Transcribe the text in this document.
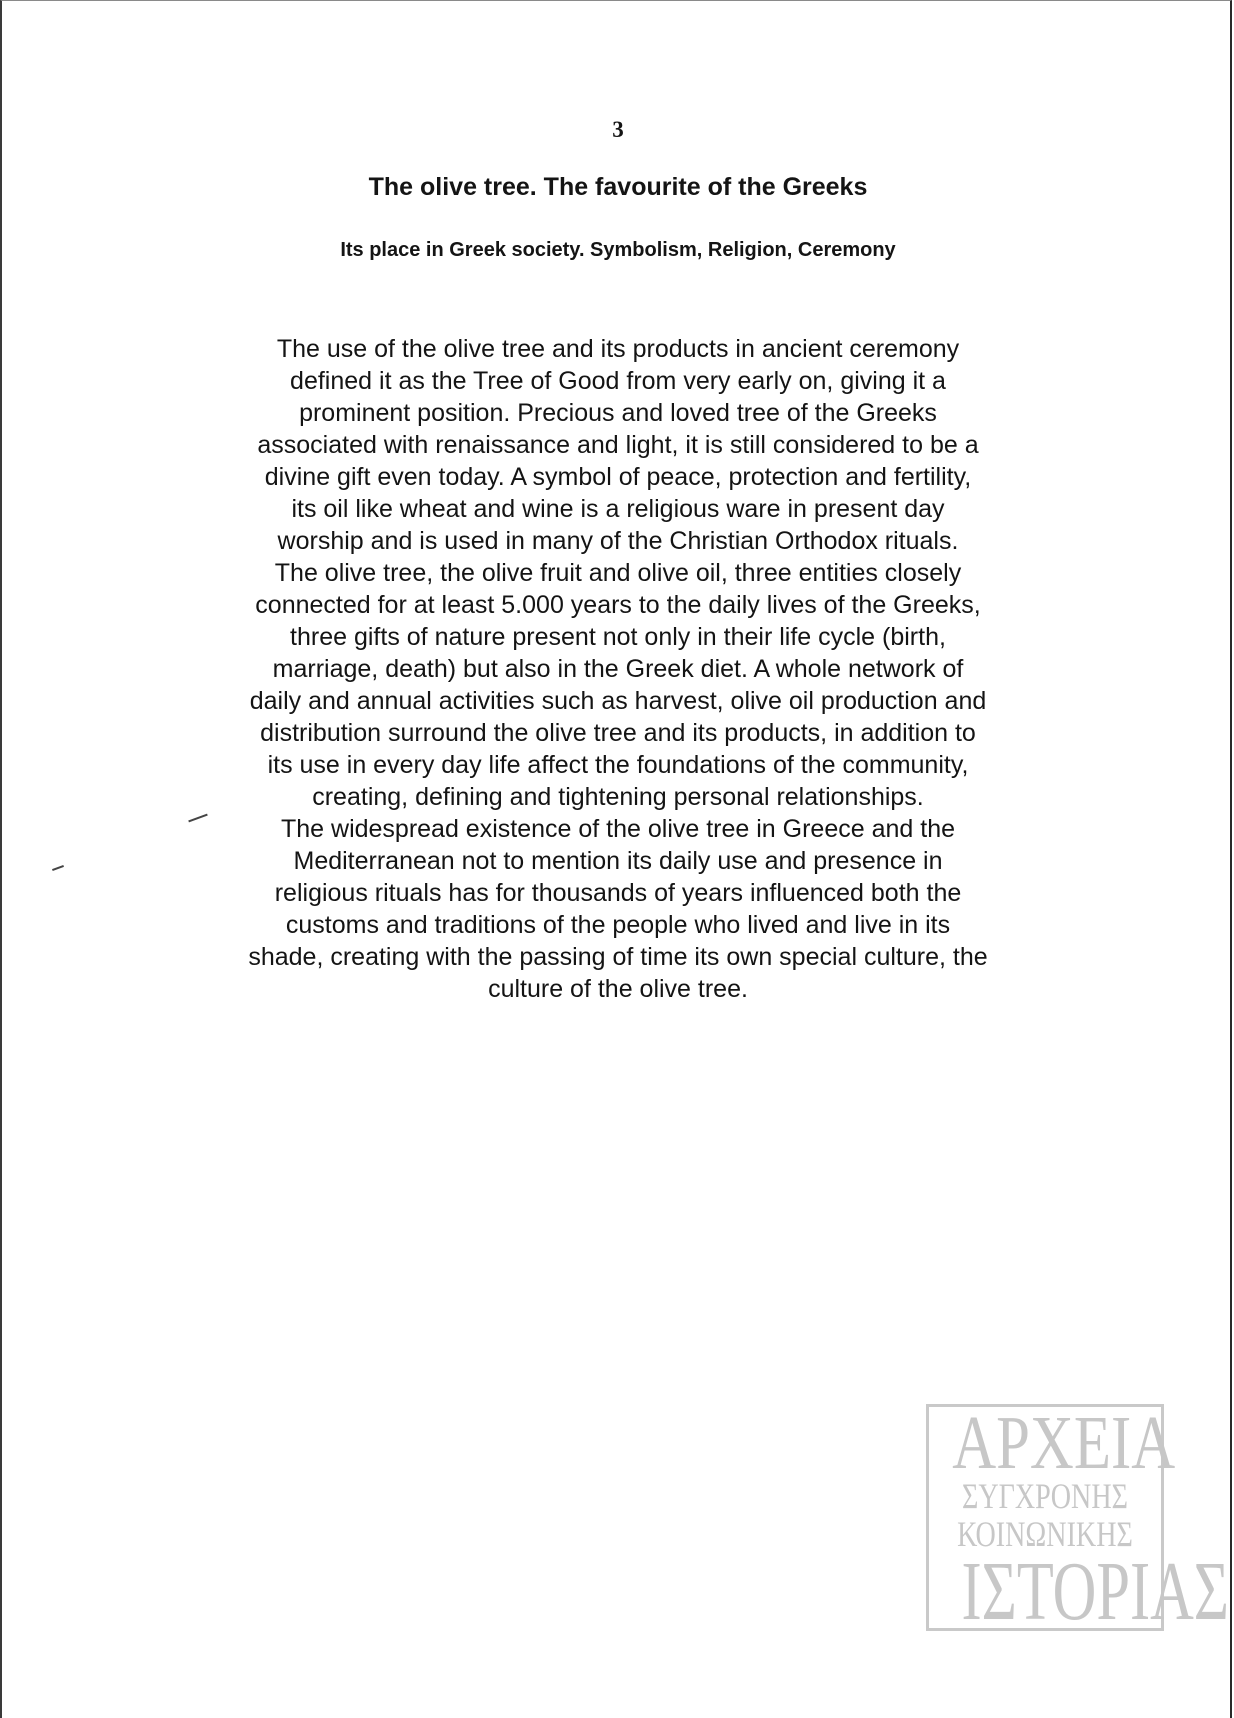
3
The olive tree. The favourite of the Greeks
Its place in Greek society. Symbolism, Religion, Ceremony
The use of the olive tree and its products in ancient ceremony
defined it as the Tree of Good from very early on, giving it a
prominent position. Precious and loved tree of the Greeks
associated with renaissance and light, it is still considered to be a
divine gift even today. A symbol of peace, protection and fertility,
its oil like wheat and wine is a religious ware in present day
worship and is used in many of the Christian Orthodox rituals.
The olive tree, the olive fruit and olive oil, three entities closely
connected for at least 5.000 years to the daily lives of the Greeks,
three gifts of nature present not only in their life cycle (birth,
marriage, death) but also in the Greek diet. A whole network of
daily and annual activities such as harvest, olive oil production and
distribution surround the olive tree and its products, in addition to
its use in every day life affect the foundations of the community,
creating, defining and tightening personal relationships.
The widespread existence of the olive tree in Greece and the
Mediterranean not to mention its daily use and presence in
religious rituals has for thousands of years influenced both the
customs and traditions of the people who lived and live in its
shade, creating with the passing of time its own special culture, the
culture of the olive tree.
ΑΡΧΕΙΑ
ΣΥΓΧΡΟΝΗΣ
ΚΟΙΝΩΝΙΚΗΣ
ΙΣΤΟΡΙΑΣ
